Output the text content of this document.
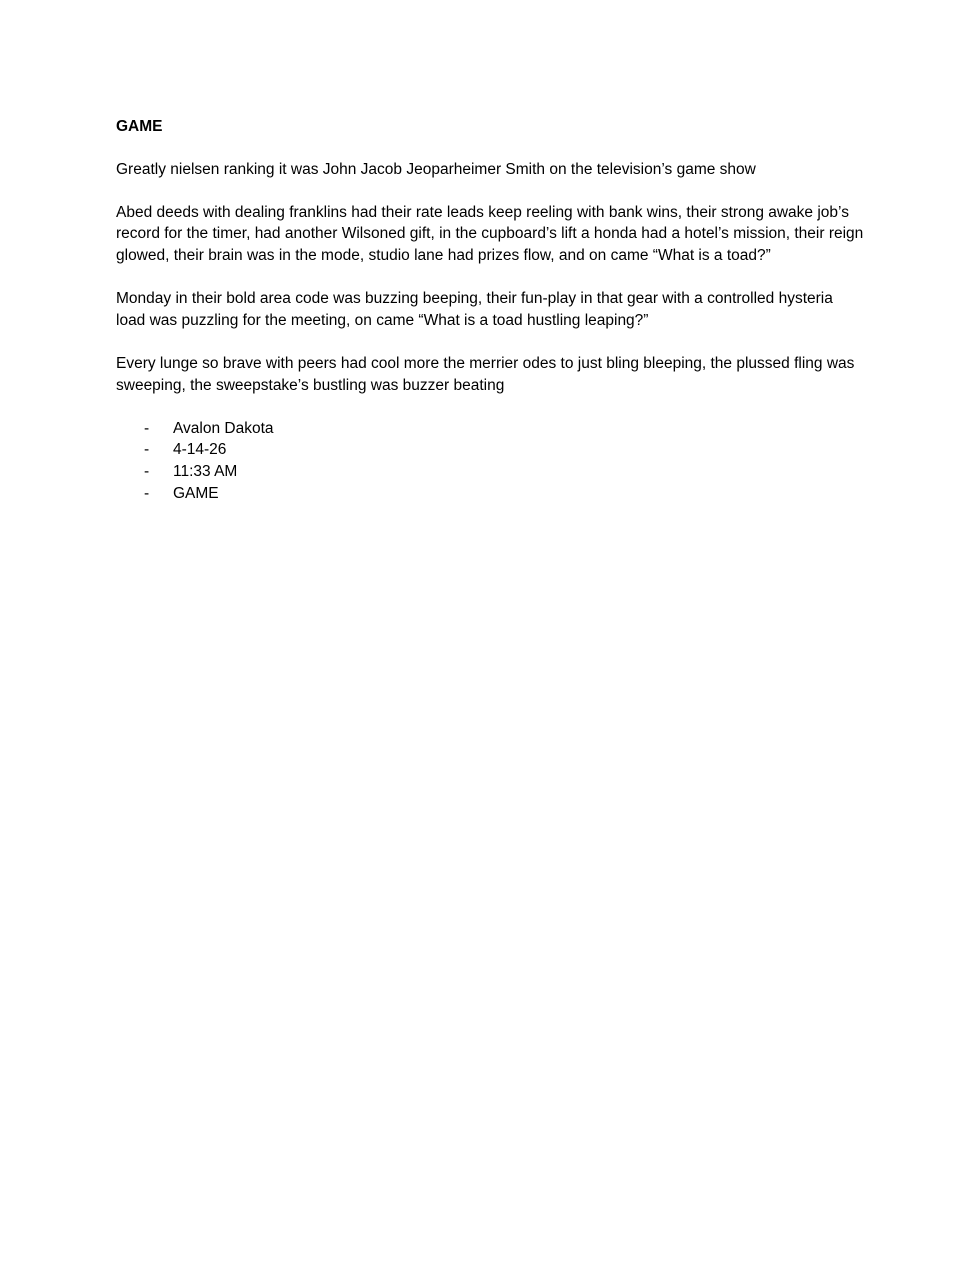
GAME

Greatly nielsen ranking it was John Jacob Jeoparheimer Smith on the television’s game show

Abed deeds with dealing franklins had their rate leads keep reeling with bank wins, their strong awake job’s record for the timer, had another Wilsoned gift, in the cupboard’s lift a honda had a hotel’s mission, their reign glowed, their brain was in the mode, studio lane had prizes flow, and on came “What is a toad?”

Monday in their bold area code was buzzing beeping, their fun-play in that gear with a controlled hysteria load was puzzling for the meeting, on came “What is a toad hustling leaping?”

Every lunge so brave with peers had cool more the merrier odes to just bling bleeping, the plussed fling was sweeping, the sweepstake’s bustling was buzzer beating

- Avalon Dakota
- 4-14-26
- 11:33 AM
- GAME
